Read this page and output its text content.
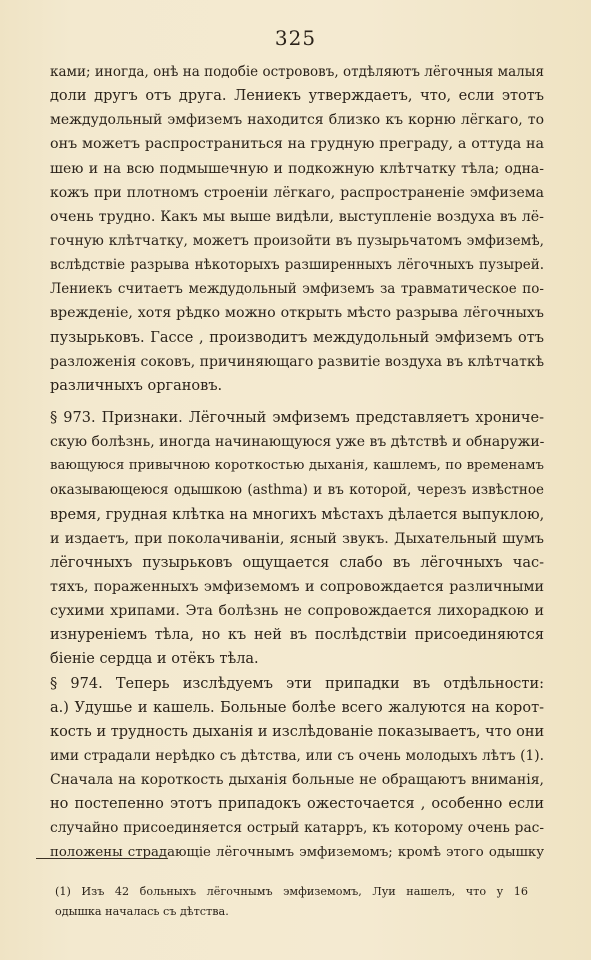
325
ками; иногда, онѣ на подобіе острововъ, отдѣляютъ лёгочныя малыя
доли другъ отъ друга. Лениекъ утверждаетъ, что, если этотъ
междудольный эмфиземъ находится близко къ корню лёгкаго, то
онъ можетъ распространиться на грудную преграду, а оттуда на
шею и на всю подмышечную и подкожную клѣтчатку тѣла; одна-
кожъ при плотномъ строеніи лёгкаго, распространеніе эмфизема
очень трудно. Какъ мы выше видѣли, выступленіе воздуха въ лё-
гочную клѣтчатку, можетъ произойти въ пузырьчатомъ эмфиземѣ,
вслѣдствіе разрыва нѣкоторыхъ разширенныхъ лёгочныхъ пузырей.
Лениекъ считаетъ междудольный эмфиземъ за травматическое по-
врежденіе, хотя рѣдко можно открыть мѣсто разрыва лёгочныхъ
пузырьковъ. Гассе , производитъ междудольный эмфиземъ отъ
разложенія соковъ, причиняющаго развитіе воздуха въ клѣтчаткѣ
различныхъ органовъ.
§ 973. Признаки. Лёгочный эмфиземъ представляетъ хрониче-
скую болѣзнь, иногда начинающуюся уже въ дѣтствѣ и обнаружи-
вающуюся привычною короткостью дыханія, кашлемъ, по временамъ
оказывающеюся одышкою (asthma) и въ которой, черезъ извѣстное
время, грудная клѣтка на многихъ мѣстахъ дѣлается выпуклою,
и издаетъ, при поколачиваніи, ясный звукъ. Дыхательный шумъ
лёгочныхъ пузырьковъ ощущается слабо въ лёгочныхъ час-
тяхъ, пораженныхъ эмфиземомъ и сопровождается различными
сухими хрипами. Эта болѣзнь не сопровождается лихорадкою и
изнуреніемъ тѣла, но къ ней въ послѣдствіи присоединяются
біеніе сердца и отёкъ тѣла.
§ 974. Теперь изслѣдуемъ эти припадки въ отдѣльности:
a.) Удушье и кашель. Больные болѣе всего жалуются на корот-
кость и трудность дыханія и изслѣдованіе показываетъ, что они
ими страдали нерѣдко съ дѣтства, или съ очень молодыхъ лѣтъ (1).
Сначала на короткость дыханія больные не обращаютъ вниманія,
но постепенно этотъ припадокъ ожесточается , особенно если
случайно присоединяется острый катарръ, къ которому очень рас-
положены страдающіе лёгочнымъ эмфиземомъ; кромѣ этого одышку
(1) Изъ 42 больныхъ лёгочнымъ эмфиземомъ, Луи нашелъ, что у 16
одышка началась съ дѣтства.
